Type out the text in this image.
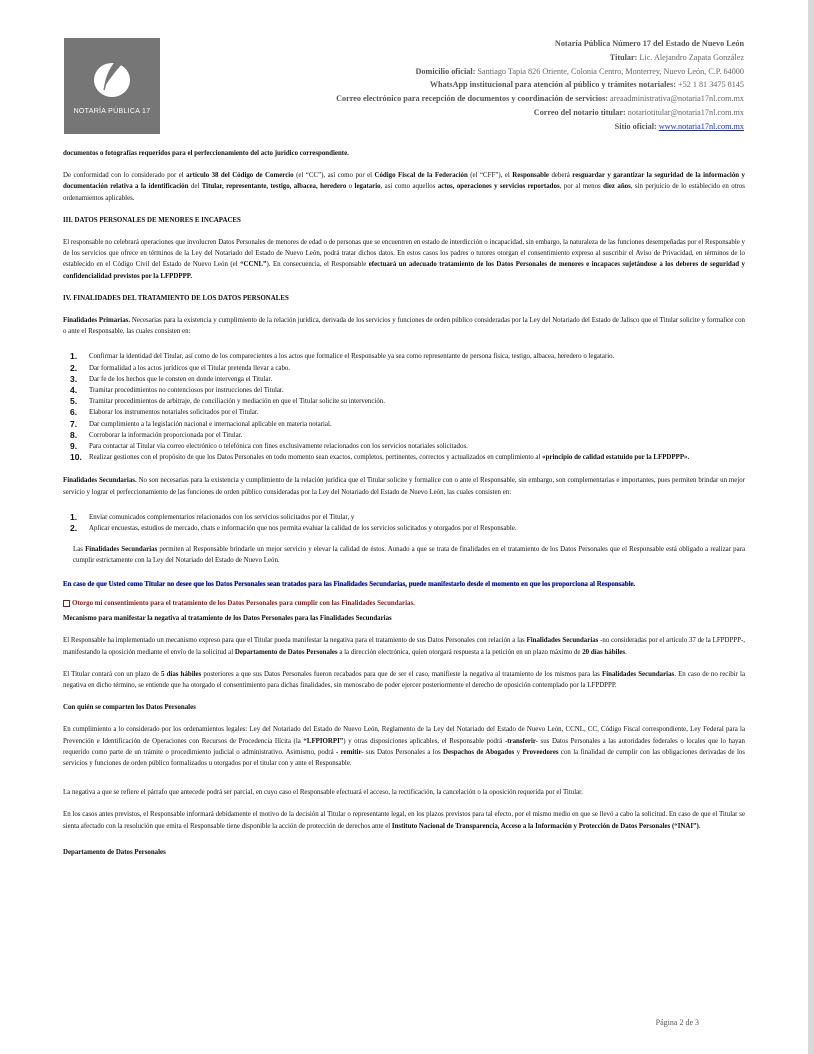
NOTARÍA PÚBLICA 17
Notaría Pública Número 17 del Estado de Nuevo León
Titular: Lic. Alejandro Zapata González
Domicilio oficial: Santiago Tapia 826 Oriente, Colonia Centro, Monterrey, Nuevo León, C.P. 64000
WhatsApp institucional para atención al público y trámites notariales: +52 1 81 3475 8145
Correo electrónico para recepción de documentos y coordinación de servicios: areaadministrativa@notaria17nl.com.mx
Correo del notario titular: notariotitular@notaria17nl.com.mx
Sitio oficial: www.notaria17nl.com.mx

documentos o fotografías requeridos para el perfeccionamiento del acto jurídico correspondiente.

De conformidad con lo considerado por el artículo 38 del Código de Comercio (el “CC”), así como por el Código Fiscal de la Federación (el “CFF”), el Responsable deberá resguardar y garantizar la seguridad de la información y documentación relativa a la identificación del Titular, representante, testigo, albacea, heredero o legatario, así como aquellos actos, operaciones y servicios reportados, por al menos diez años, sin perjuicio de lo establecido en otros ordenamientos aplicables.

III. DATOS PERSONALES DE MENORES E INCAPACES

El responsable no celebrará operaciones que involucren Datos Personales de menores de edad o de personas que se encuentren en estado de interdicción o incapacidad, sin embargo, la naturaleza de las funciones desempeñadas por el Responsable y de los servicios que ofrece en términos de la Ley del Notariado del Estado de Nuevo León, podrá tratar dichos datos. En estos casos los padres o tutores otorgan el consentimiento expreso al suscribir el Aviso de Privacidad, en términos de lo establecido en el Código Civil del Estado de Nuevo León (el “CCNL”). En consecuencia, el Responsable efectuará un adecuado tratamiento de los Datos Personales de menores e incapaces sujetándose a los deberes de seguridad y confidencialidad previstos por la LFPDPPP.

IV. FINALIDADES DEL TRATAMIENTO DE LOS DATOS PERSONALES

Finalidades Primarias. Necesarias para la existencia y cumplimiento de la relación jurídica, derivada de los servicios y funciones de orden público consideradas por la Ley del Notariado del Estado de Jalisco que el Titular solicite y formalice con o ante el Responsable, las cuales consisten en:

1. Confirmar la identidad del Titular, así como de los comparecientes a los actos que formalice el Responsable ya sea como representante de persona física, testigo, albacea, heredero o legatario.
2. Dar formalidad a los actos jurídicos que el Titular pretenda llevar a cabo.
3. Dar fe de los hechos que le consten en donde intervenga el Titular.
4. Tramitar procedimientos no contenciosos por instrucciones del Titular.
5. Tramitar procedimientos de arbitraje, de conciliación y mediación en que el Titular solicite su intervención.
6. Elaborar los instrumentos notariales solicitados por el Titular.
7. Dar cumplimiento a la legislación nacional e internacional aplicable en materia notarial.
8. Corroborar la información proporcionada por el Titular.
9. Para contactar al Titular vía correo electrónico o telefónica con fines exclusivamente relacionados con los servicios notariales solicitados.
10. Realizar gestiones con el propósito de que los Datos Personales en todo momento sean exactos, completos, pertinentes, correctos y actualizados en cumplimiento al «principio de calidad estatuido por la LFPDPPP».

Finalidades Secundarias. No son necesarias para la existencia y cumplimiento de la relación jurídica que el Titular solicite y formalice con o ante el Responsable, sin embargo, son complementarias e importantes, pues permiten brindar un mejor servicio y lograr el perfeccionamiento de las funciones de orden público consideradas por la Ley del Notariado del Estado de Nuevo León, las cuales consisten en:

1. Enviar comunicados complementarios relacionados con los servicios solicitados por el Titular, y
2. Aplicar encuestas, estudios de mercado, chats e información que nos permita evaluar la calidad de los servicios solicitados y otorgados por el Responsable.

Las Finalidades Secundarias permiten al Responsable brindarle un mejor servicio y elevar la calidad de éstos. Aunado a que se trata de finalidades en el tratamiento de los Datos Personales que el Responsable está obligado a realizar para cumplir estrictamente con la Ley del Notariado del Estado de Nuevo León.

En caso de que Usted como Titular no desee que los Datos Personales sean tratados para las Finalidades Secundarias, puede manifestarlo desde el momento en que los proporciona al Responsable.

Otorgo mi consentimiento para el tratamiento de los Datos Personales para cumplir con las Finalidades Secundarias.

Mecanismo para manifestar la negativa al tratamiento de los Datos Personales para las Finalidades Secundarias

El Responsable ha implementado un mecanismo expreso para que el Titular pueda manifestar la negativa para el tratamiento de sus Datos Personales con relación a las Finalidades Secundarias -no consideradas por el artículo 37 de la LFPDPPP-, manifestando la oposición mediante el envío de la solicitud al Departamento de Datos Personales a la dirección electrónica, quien otorgará respuesta a la petición en un plazo máximo de 20 días hábiles.

El Titular contará con un plazo de 5 días hábiles posteriores a que sus Datos Personales fueron recabados para que de ser el caso, manifieste la negativa al tratamiento de los mismos para las Finalidades Secundarias. En caso de no recibir la negativa en dicho término, se entiende que ha otorgado el consentimiento para dichas finalidades, sin menoscabo de poder ejercer posteriormente el derecho de oposición contemplado por la LFPDPPP.

Con quién se comparten los Datos Personales

En cumplimiento a lo considerado por los ordenamientos legales: Ley del Notariado del Estado de Nuevo León, Reglamento de la Ley del Notariado del Estado de Nuevo León, CCNL, CC, Código Fiscal correspondiente, Ley Federal para la Prevención e Identificación de Operaciones con Recursos de Procedencia Ilícita (la “LFPIORPI”) y otras disposiciones aplicables, el Responsable podrá -transferir- sus Datos Personales a las autoridades federales o locales que lo hayan requerido como parte de un trámite o procedimiento judicial o administrativo. Asimismo, podrá - remitir- sus Datos Personales a los Despachos de Abogados y Proveedores con la finalidad de cumplir con las obligaciones derivadas de los servicios y funciones de orden público formalizados u otorgados por el titular con y ante el Responsable.

La negativa a que se refiere el párrafo que antecede podrá ser parcial, en cuyo caso el Responsable efectuará el acceso, la rectificación, la cancelación o la oposición requerida por el Titular.

En los casos antes previstos, el Responsable informará debidamente el motivo de la decisión al Titular o representante legal, en los plazos previstos para tal efecto, por el mismo medio en que se llevó a cabo la solicitud. En caso de que el Titular se sienta afectado con la resolución que emita el Responsable tiene disponible la acción de protección de derechos ante el Instituto Nacional de Transparencia, Acceso a la Información y Protección de Datos Personales (“INAI”).

Departamento de Datos Personales

Página 2 de 3
